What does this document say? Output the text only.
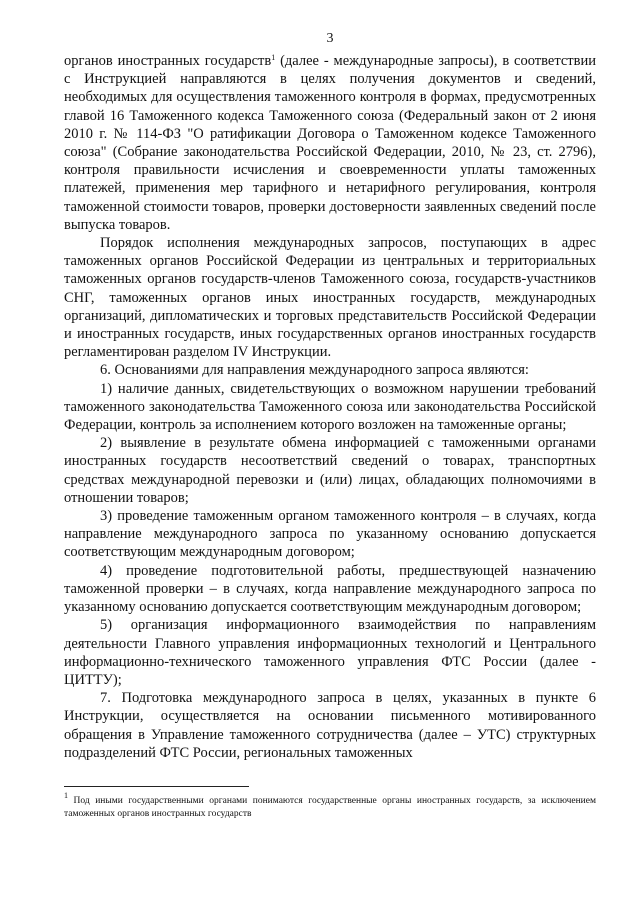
3

органов иностранных государств$^1$ (далее - международные запросы), в соответствии с Инструкцией направляются в целях получения документов и сведений, необходимых для осуществления таможенного контроля в формах, предусмотренных главой 16 Таможенного кодекса Таможенного союза (Федеральный закон от 2 июня 2010 г. № 114-ФЗ "О ратификации Договора о Таможенном кодексе Таможенного союза" (Собрание законодательства Российской Федерации, 2010, № 23, ст. 2796), контроля правильности исчисления и своевременности уплаты таможенных платежей, применения мер тарифного и нетарифного регулирования, контроля таможенной стоимости товаров, проверки достоверности заявленных сведений после выпуска товаров.

Порядок исполнения международных запросов, поступающих в адрес таможенных органов Российской Федерации из центральных и территориальных таможенных органов государств-членов Таможенного союза, государств-участников СНГ, таможенных органов иных иностранных государств, международных организаций, дипломатических и торговых представительств Российской Федерации и иностранных государств, иных государственных органов иностранных государств регламентирован разделом IV Инструкции.

6. Основаниями для направления международного запроса являются:

1) наличие данных, свидетельствующих о возможном нарушении требований таможенного законодательства Таможенного союза или законодательства Российской Федерации, контроль за исполнением которого возложен на таможенные органы;

2) выявление в результате обмена информацией с таможенными органами иностранных государств несоответствий сведений о товарах, транспортных средствах международной перевозки и (или) лицах, обладающих полномочиями в отношении товаров;

3) проведение таможенным органом таможенного контроля – в случаях, когда направление международного запроса по указанному основанию допускается соответствующим международным договором;

4) проведение подготовительной работы, предшествующей назначению таможенной проверки – в случаях, когда направление международного запроса по указанному основанию допускается соответствующим международным договором;

5) организация информационного взаимодействия по направлениям деятельности Главного управления информационных технологий и Центрального информационно-технического таможенного управления ФТС России (далее - ЦИТТУ);

7. Подготовка международного запроса в целях, указанных в пункте 6 Инструкции, осуществляется на основании письменного мотивированного обращения в Управление таможенного сотрудничества (далее – УТС) структурных подразделений ФТС России, региональных таможенных

$^1$ Под иными государственными органами понимаются государственные органы иностранных государств, за исключением таможенных органов иностранных государств
